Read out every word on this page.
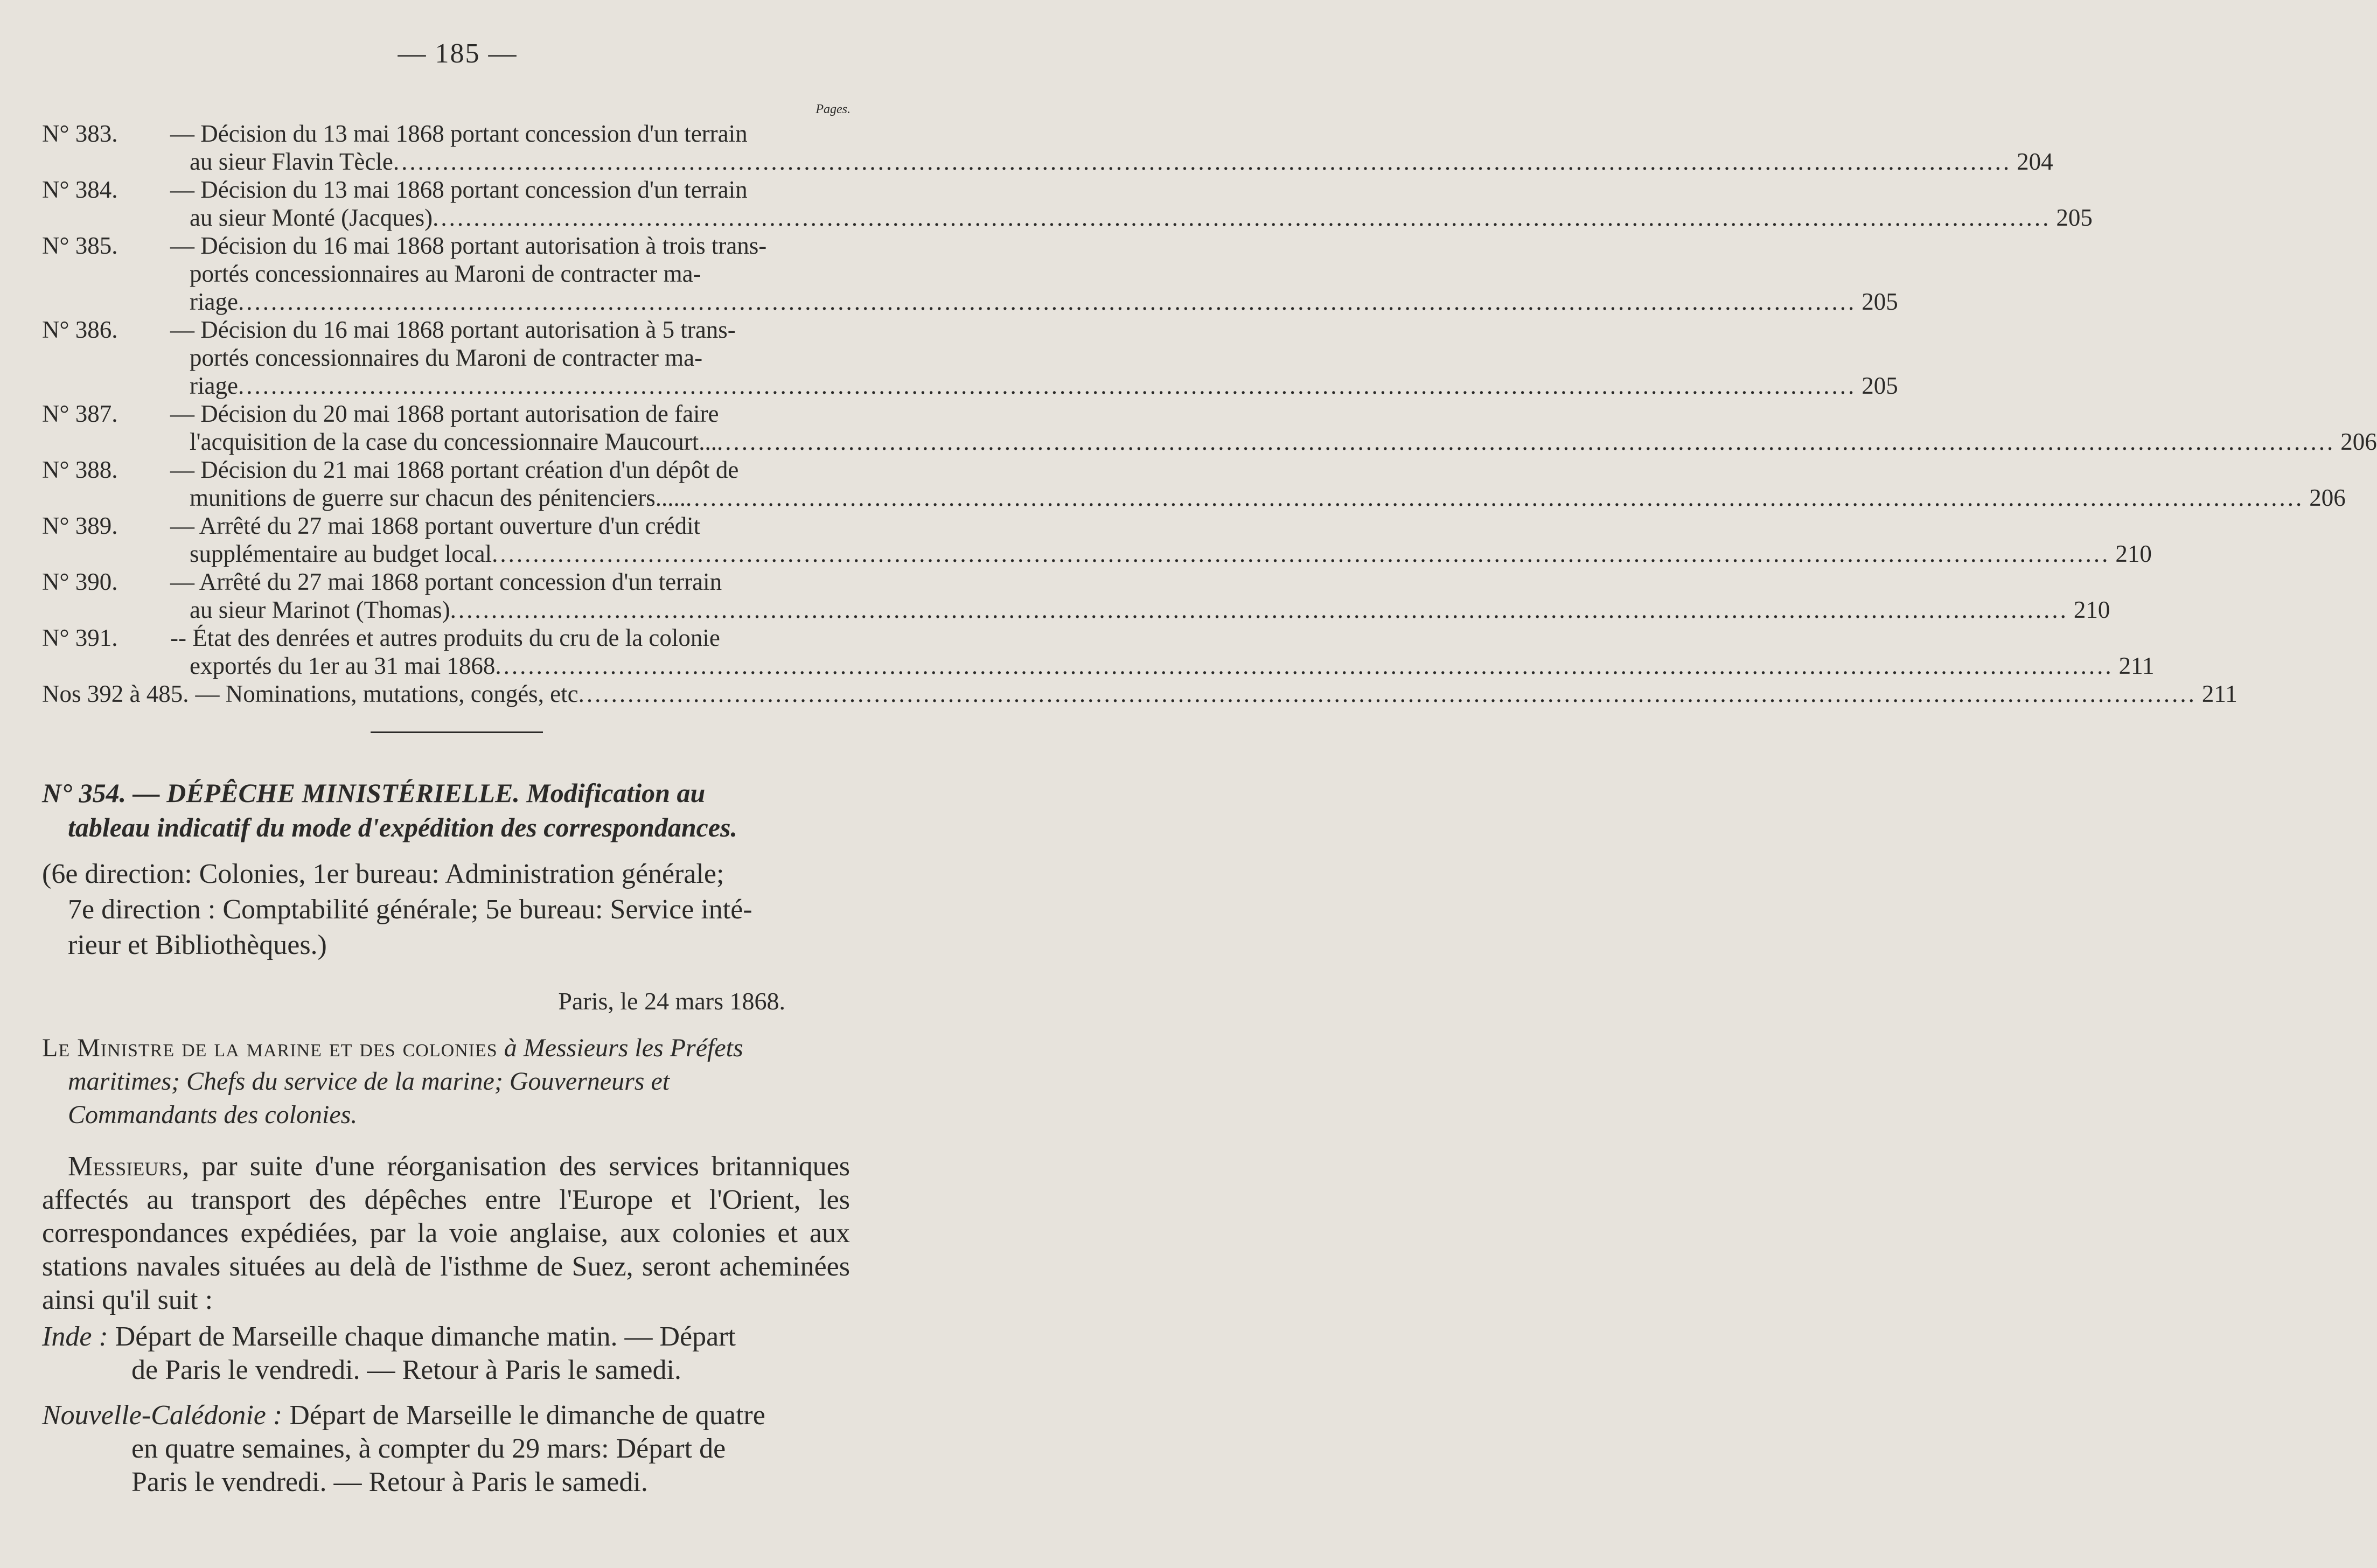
— 185 —
Pages.
N° 383.	— Décision du 13 mai 1868 portant concession d'un terrain
au sieur Flavin Tècle .....	204
N° 384.	— Décision du 13 mai 1868 portant concession d'un terrain
au sieur Monté (Jacques) .....	205
N° 385.	— Décision du 16 mai 1868 portant autorisation à trois trans-
portés concessionnaires au Maroni de contracter ma-
riage .....	205
N° 386.	— Décision du 16 mai 1868 portant autorisation à 5 trans-
portés concessionnaires du Maroni de contracter ma-
riage .....	205
N° 387.	— Décision du 20 mai 1868 portant autorisation de faire
l'acquisition de la case du concessionnaire Maucourt... .....	206
N° 388.	— Décision du 21 mai 1868 portant création d'un dépôt de
munitions de guerre sur chacun des pénitenciers..... .....	206
N° 389.	— Arrêté du 27 mai 1868 portant ouverture d'un crédit
supplémentaire au budget local .....	210
N° 390.	— Arrêté du 27 mai 1868 portant concession d'un terrain
au sieur Marinot (Thomas) .....	210
N° 391.	-- État des denrées et autres produits du cru de la colonie
exportés du 1er au 31 mai 1868 .....	211
Nos 392 à 485. — Nominations, mutations, congés, etc .....	211
N° 354. — DÉPÊCHE MINISTÉRIELLE. Modification au
tableau indicatif du mode d'expédition des correspondances.
(6e direction: Colonies, 1er bureau: Administration générale;
7e direction : Comptabilité générale; 5e bureau: Service inté-
rieur et Bibliothèques.)
Paris, le 24 mars 1868.
Le Ministre de la marine et des colonies à Messieurs les Préfets
maritimes; Chefs du service de la marine; Gouverneurs et
Commandants des colonies.
Messieurs, par suite d'une réorganisation des services britanniques affectés au transport des dépêches entre l'Europe et l'Orient, les correspondances expédiées, par la voie anglaise, aux colonies et aux stations navales situées au delà de l'isthme de Suez, seront acheminées ainsi qu'il suit :
Inde : Départ de Marseille chaque dimanche matin. — Départ
de Paris le vendredi. — Retour à Paris le samedi.
Nouvelle-Calédonie : Départ de Marseille le dimanche de quatre
en quatre semaines, à compter du 29 mars: Départ de
Paris le vendredi. — Retour à Paris le samedi.
